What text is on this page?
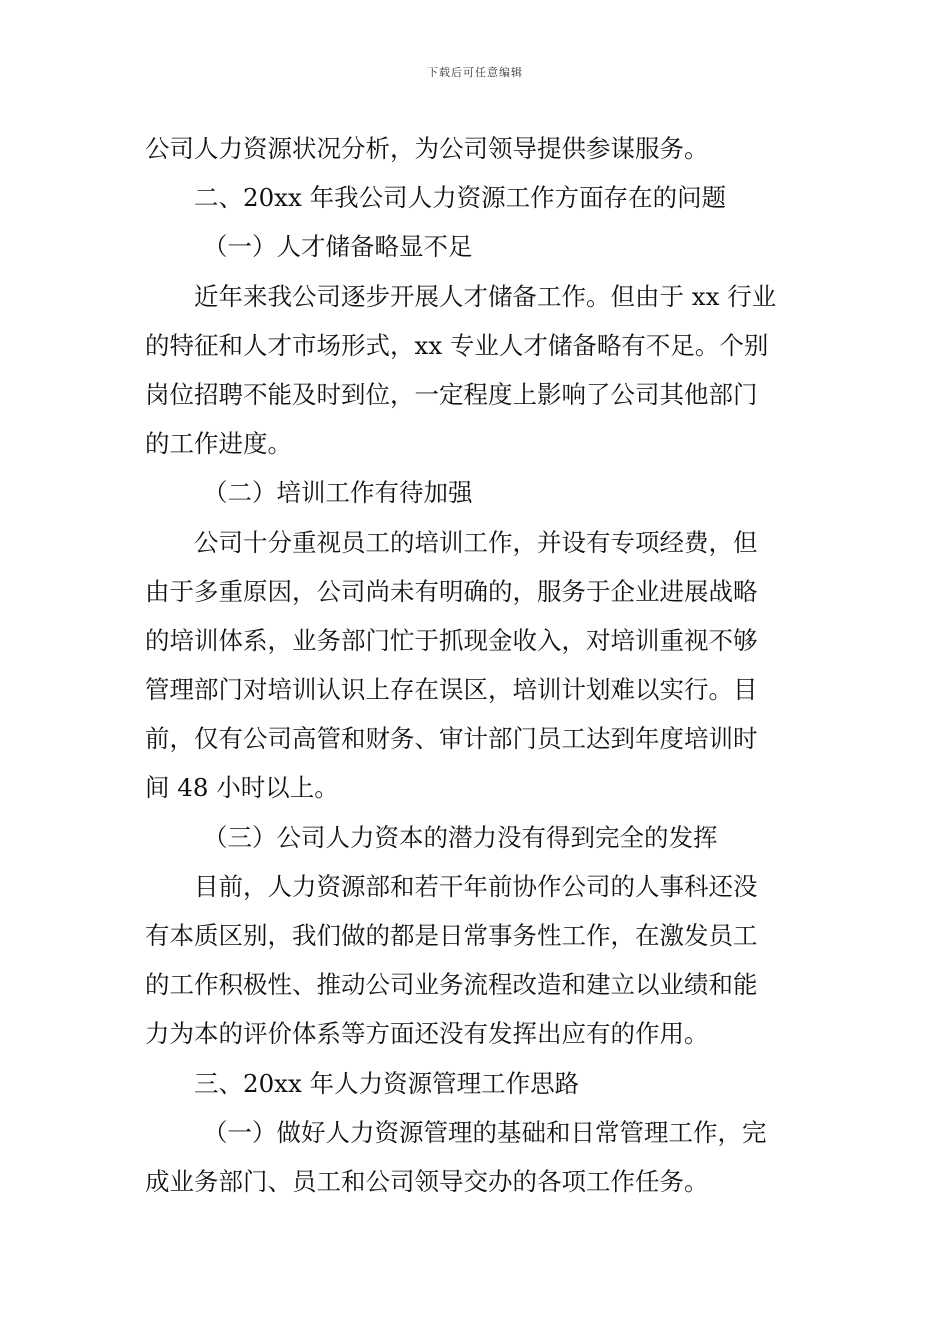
下载后可任意编辑
公司人力资源状况分析，为公司领导提供参谋服务。
二、20xx 年我公司人力资源工作方面存在的问题
（一）人才储备略显不足
近年来我公司逐步开展人才储备工作。但由于 xx 行业
的特征和人才市场形式，xx 专业人才储备略有不足。个别
岗位招聘不能及时到位，一定程度上影响了公司其他部门
的工作进度。
（二）培训工作有待加强
公司十分重视员工的培训工作，并设有专项经费，但
由于多重原因，公司尚未有明确的，服务于企业进展战略
的培训体系，业务部门忙于抓现金收入，对培训重视不够
管理部门对培训认识上存在误区，培训计划难以实行。目
前，仅有公司高管和财务、审计部门员工达到年度培训时
间 48 小时以上。
（三）公司人力资本的潜力没有得到完全的发挥
目前，人力资源部和若干年前协作公司的人事科还没
有本质区别，我们做的都是日常事务性工作，在激发员工
的工作积极性、推动公司业务流程改造和建立以业绩和能
力为本的评价体系等方面还没有发挥出应有的作用。
三、20xx 年人力资源管理工作思路
（一）做好人力资源管理的基础和日常管理工作，完
成业务部门、员工和公司领导交办的各项工作任务。
